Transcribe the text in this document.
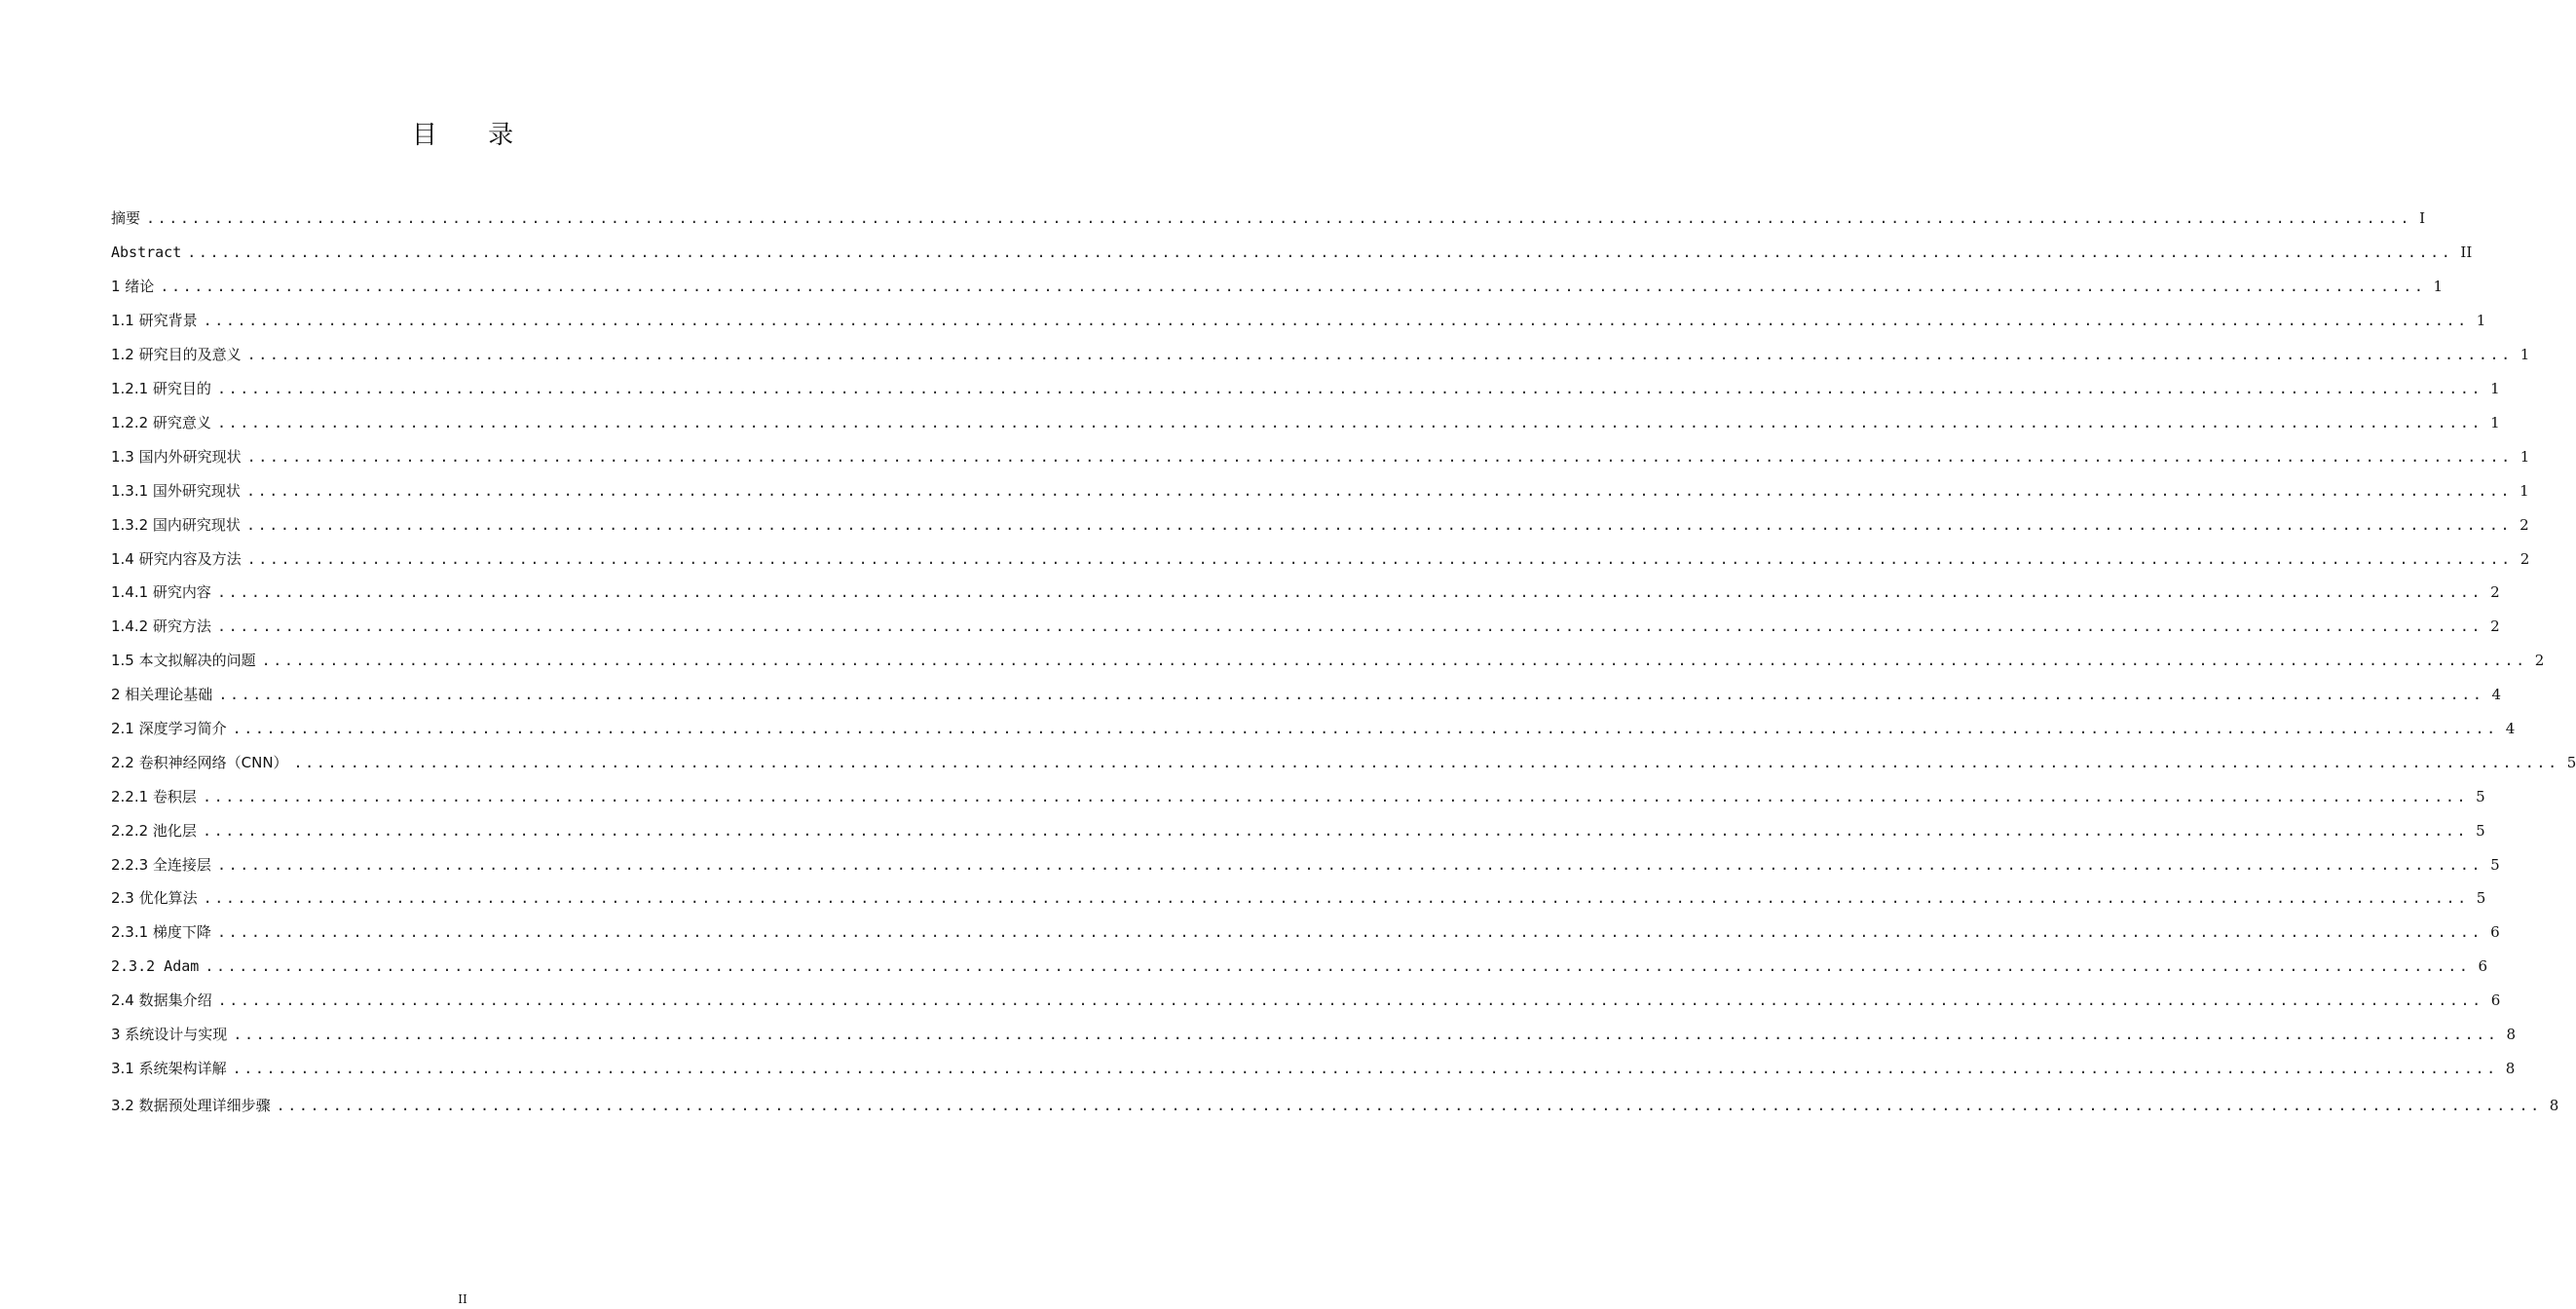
目 录
摘要 ........................................................................................................................................................................................................ I
Abstract ........................................................................................................................................................................................................ II
1 绪论 ........................................................................................................................................................................................................ 1
1.1 研究背景 ........................................................................................................................................................................................................ 1
1.2 研究目的及意义 ........................................................................................................................................................................................................ 1
1.2.1 研究目的 ........................................................................................................................................................................................................ 1
1.2.2 研究意义 ........................................................................................................................................................................................................ 1
1.3 国内外研究现状 ........................................................................................................................................................................................................ 1
1.3.1 国外研究现状 ........................................................................................................................................................................................................ 1
1.3.2 国内研究现状 ........................................................................................................................................................................................................ 2
1.4 研究内容及方法 ........................................................................................................................................................................................................ 2
1.4.1 研究内容 ........................................................................................................................................................................................................ 2
1.4.2 研究方法 ........................................................................................................................................................................................................ 2
1.5 本文拟解决的问题 ........................................................................................................................................................................................................ 2
2 相关理论基础 ........................................................................................................................................................................................................ 4
2.1 深度学习简介 ........................................................................................................................................................................................................ 4
2.2 卷积神经网络（CNN） ........................................................................................................................................................................................................ 5
2.2.1 卷积层 ........................................................................................................................................................................................................ 5
2.2.2 池化层 ........................................................................................................................................................................................................ 5
2.2.3 全连接层 ........................................................................................................................................................................................................ 5
2.3 优化算法 ........................................................................................................................................................................................................ 5
2.3.1 梯度下降 ........................................................................................................................................................................................................ 6
2.3.2 Adam ........................................................................................................................................................................................................ 6
2.4 数据集介绍 ........................................................................................................................................................................................................ 6
3 系统设计与实现 ........................................................................................................................................................................................................ 8
3.1 系统架构详解 ........................................................................................................................................................................................................ 8
3.2 数据预处理详细步骤 ........................................................................................................................................................................................................ 8
II
